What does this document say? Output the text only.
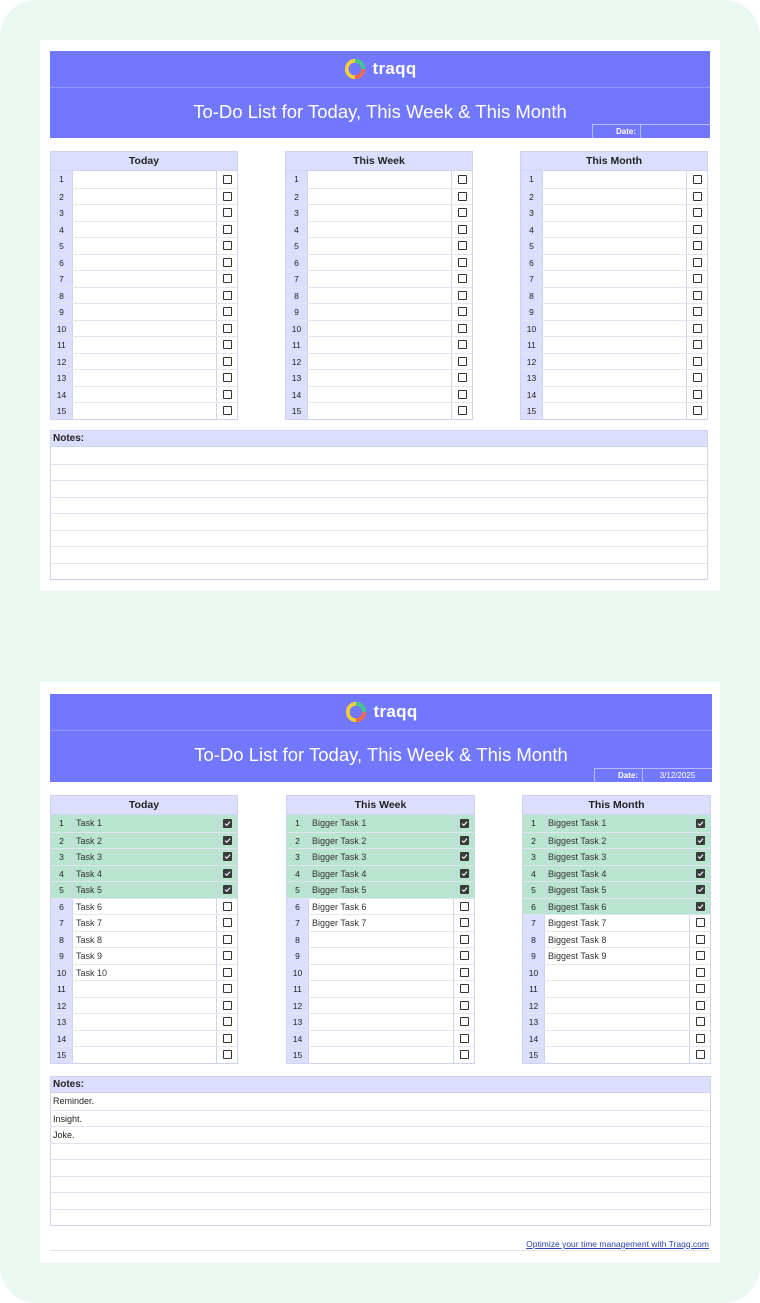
traqq
To-Do List for Today, This Week & This Month
Date:
Today
1
2
3
4
5
6
7
8
9
10
11
12
13
14
15
This Week
1
2
3
4
5
6
7
8
9
10
11
12
13
14
15
This Month
1
2
3
4
5
6
7
8
9
10
11
12
13
14
15
Notes:
traqq
To-Do List for Today, This Week & This Month
Date:	3/12/2025
Today
1	Task 1
2	Task 2
3	Task 3
4	Task 4
5	Task 5
6	Task 6
7	Task 7
8	Task 8
9	Task 9
10	Task 10
11
12
13
14
15
This Week
1	Bigger Task 1
2	Bigger Task 2
3	Bigger Task 3
4	Bigger Task 4
5	Bigger Task 5
6	Bigger Task 6
7	Bigger Task 7
8
9
10
11
12
13
14
15
This Month
1	Biggest Task 1
2	Biggest Task 2
3	Biggest Task 3
4	Biggest Task 4
5	Biggest Task 5
6	Biggest Task 6
7	Biggest Task 7
8	Biggest Task 8
9	Biggest Task 9
10
11
12
13
14
15
Notes:
Reminder.
Insight.
Joke.
Optimize your time management with Traqq.com
